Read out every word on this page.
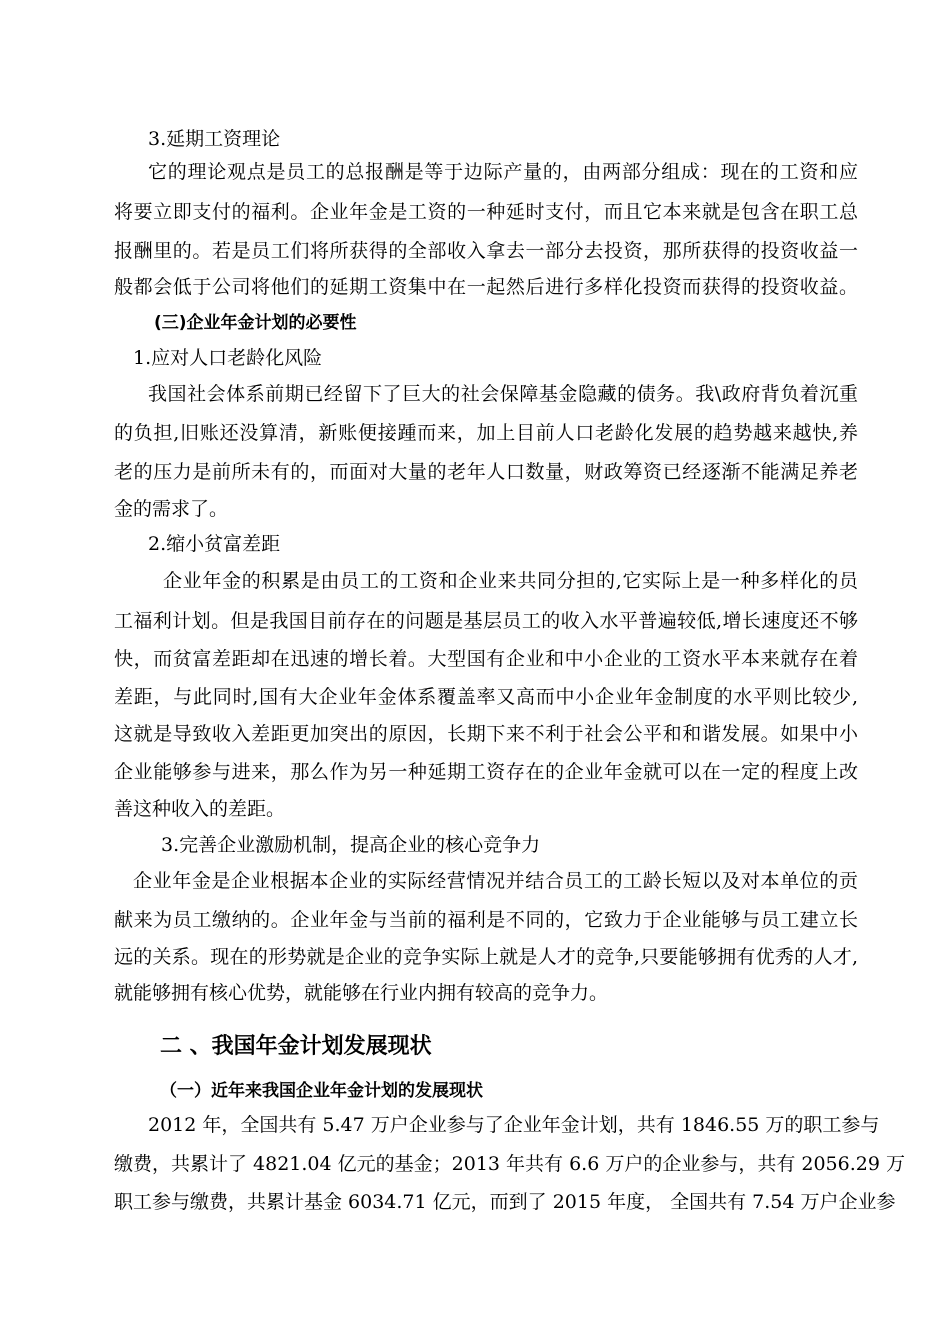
3.延期工资理论
它的理论观点是员工的总报酬是等于边际产量的，由两部分组成：现在的工资和应
将要立即支付的福利。企业年金是工资的一种延时支付，而且它本来就是包含在职工总
报酬里的。若是员工们将所获得的全部收入拿去一部分去投资，那所获得的投资收益一
般都会低于公司将他们的延期工资集中在一起然后进行多样化投资而获得的投资收益。
(三)企业年金计划的必要性
1.应对人口老龄化风险
我国社会体系前期已经留下了巨大的社会保障基金隐藏的债务。我\政府背负着沉重
的负担,旧账还没算清，新账便接踵而来，加上目前人口老龄化发展的趋势越来越快,养
老的压力是前所未有的，而面对大量的老年人口数量，财政筹资已经逐渐不能满足养老
金的需求了。
2.缩小贫富差距
企业年金的积累是由员工的工资和企业来共同分担的,它实际上是一种多样化的员
工福利计划。但是我国目前存在的问题是基层员工的收入水平普遍较低,增长速度还不够
快，而贫富差距却在迅速的增长着。大型国有企业和中小企业的工资水平本来就存在着
差距，与此同时,国有大企业年金体系覆盖率又高而中小企业年金制度的水平则比较少,
这就是导致收入差距更加突出的原因，长期下来不利于社会公平和和谐发展。如果中小
企业能够参与进来，那么作为另一种延期工资存在的企业年金就可以在一定的程度上改
善这种收入的差距。
3.完善企业激励机制，提高企业的核心竞争力
企业年金是企业根据本企业的实际经营情况并结合员工的工龄长短以及对本单位的贡
献来为员工缴纳的。企业年金与当前的福利是不同的，它致力于企业能够与员工建立长
远的关系。现在的形势就是企业的竞争实际上就是人才的竞争,只要能够拥有优秀的人才,
就能够拥有核心优势，就能够在行业内拥有较高的竞争力。
二 、我国年金计划发展现状
（一）近年来我国企业年金计划的发展现状
2012 年，全国共有 5.47 万户企业参与了企业年金计划，共有 1846.55 万的职工参与
缴费，共累计了 4821.04 亿元的基金；2013 年共有 6.6 万户的企业参与，共有 2056.29 万
职工参与缴费，共累计基金 6034.71 亿元，而到了 2015 年度， 全国共有 7.54 万户企业参
